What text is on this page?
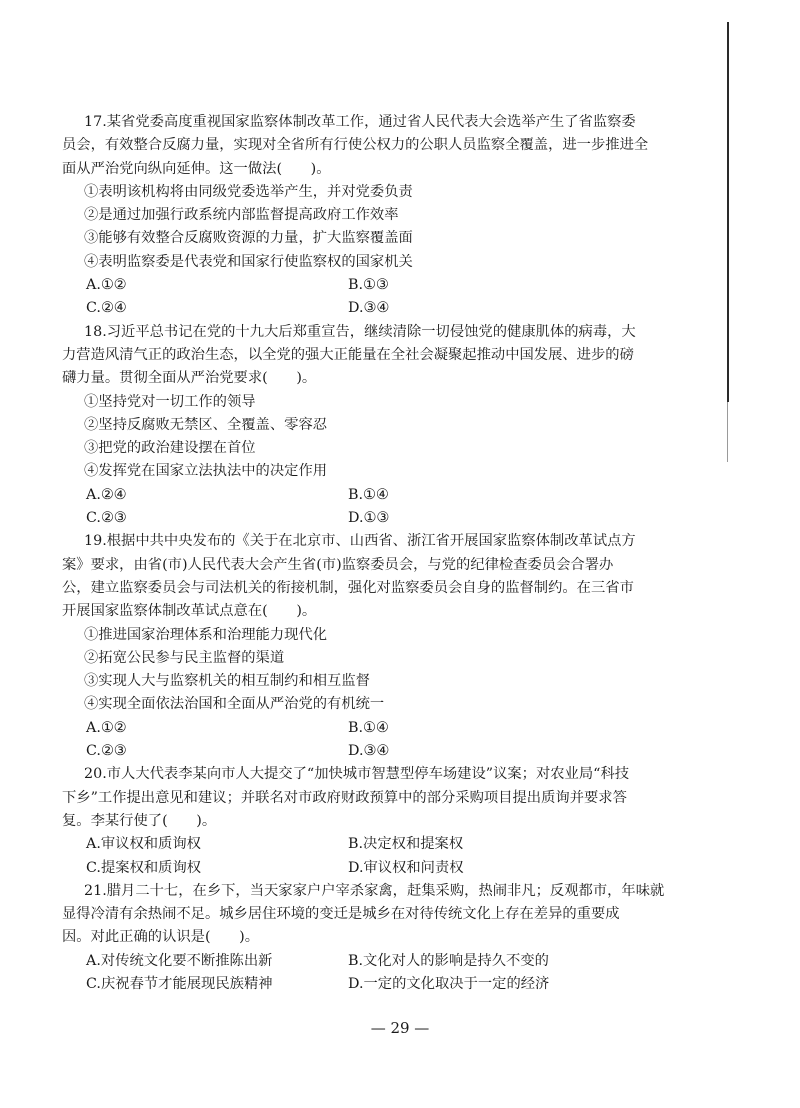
17.某省党委高度重视国家监察体制改革工作，通过省人民代表大会选举产生了省监察委
员会，有效整合反腐力量，实现对全省所有行使公权力的公职人员监察全覆盖，进一步推进全
面从严治党向纵向延伸。这一做法(　　)。
①表明该机构将由同级党委选举产生，并对党委负责
②是通过加强行政系统内部监督提高政府工作效率
③能够有效整合反腐败资源的力量，扩大监察覆盖面
④表明监察委是代表党和国家行使监察权的国家机关
A.①②	B.①③
C.②④	D.③④
18.习近平总书记在党的十九大后郑重宣告，继续清除一切侵蚀党的健康肌体的病毒，大
力营造风清气正的政治生态，以全党的强大正能量在全社会凝聚起推动中国发展、进步的磅
礴力量。贯彻全面从严治党要求(　　)。
①坚持党对一切工作的领导
②坚持反腐败无禁区、全覆盖、零容忍
③把党的政治建设摆在首位
④发挥党在国家立法执法中的决定作用
A.②④	B.①④
C.②③	D.①③
19.根据中共中央发布的《关于在北京市、山西省、浙江省开展国家监察体制改革试点方
案》要求，由省(市)人民代表大会产生省(市)监察委员会，与党的纪律检查委员会合署办
公，建立监察委员会与司法机关的衔接机制，强化对监察委员会自身的监督制约。在三省市
开展国家监察体制改革试点意在(　　)。
①推进国家治理体系和治理能力现代化
②拓宽公民参与民主监督的渠道
③实现人大与监察机关的相互制约和相互监督
④实现全面依法治国和全面从严治党的有机统一
A.①②	B.①④
C.②③	D.③④
20.市人大代表李某向市人大提交了“加快城市智慧型停车场建设”议案；对农业局“科技
下乡”工作提出意见和建议；并联名对市政府财政预算中的部分采购项目提出质询并要求答
复。李某行使了(　　)。
A.审议权和质询权	B.决定权和提案权
C.提案权和质询权	D.审议权和问责权
21.腊月二十七，在乡下，当天家家户户宰杀家禽，赶集采购，热闹非凡；反观都市，年味就
显得冷清有余热闹不足。城乡居住环境的变迁是城乡在对待传统文化上存在差异的重要成
因。对此正确的认识是(　　)。
A.对传统文化要不断推陈出新	B.文化对人的影响是持久不变的
C.庆祝春节才能展现民族精神	D.一定的文化取决于一定的经济
— 29 —
